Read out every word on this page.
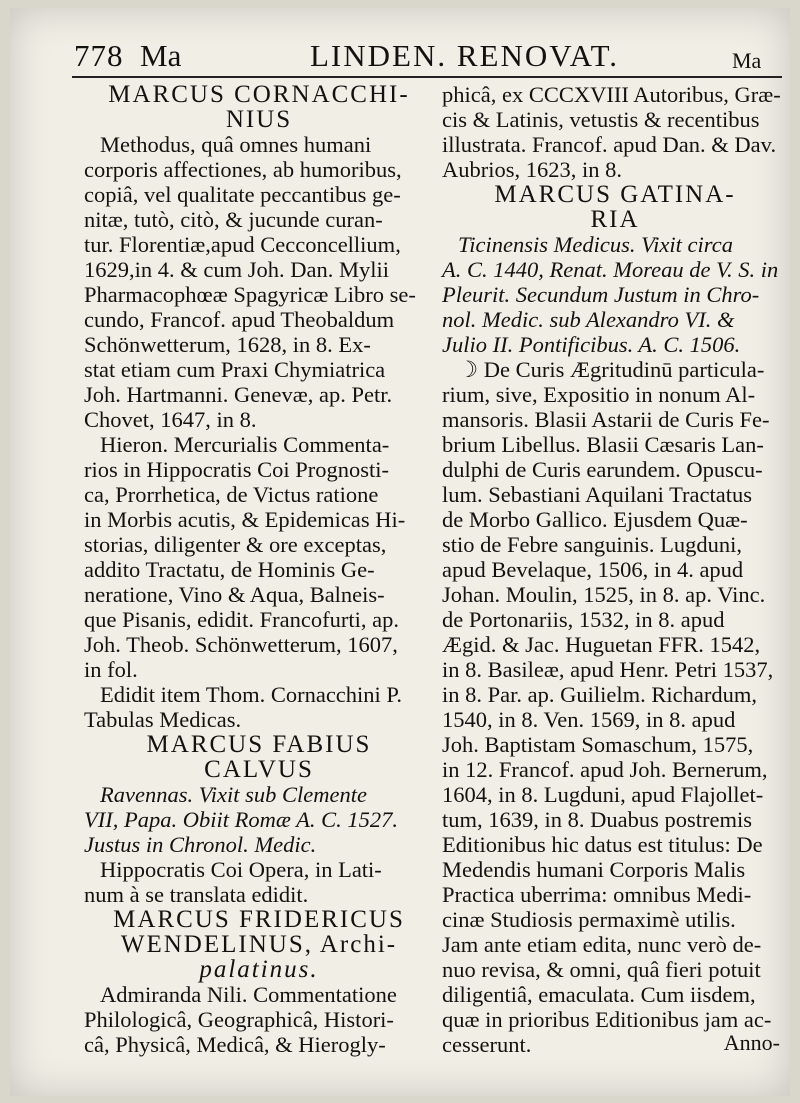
778 Ma	LINDEN. RENOVAT.	Ma
MARCUS CORNACCHI-
NIUS
Methodus, quâ omnes humani
corporis affectiones, ab humoribus,
copiâ, vel qualitate peccantibus ge-
nitæ, tutò, citò, & jucunde curan-
tur. Florentiæ,apud Cecconcellium,
1629,in 4. & cum Joh. Dan. Mylii
Pharmacophœæ Spagyricæ Libro se-
cundo, Francof. apud Theobaldum
Schönwetterum, 1628, in 8. Ex-
stat etiam cum Praxi Chymiatrica
Joh. Hartmanni. Genevæ, ap. Petr.
Chovet, 1647, in 8.
Hieron. Mercurialis Commenta-
rios in Hippocratis Coi Prognosti-
ca, Prorrhetica, de Victus ratione
in Morbis acutis, & Epidemicas Hi-
storias, diligenter & ore exceptas,
addito Tractatu, de Hominis Ge-
neratione, Vino & Aqua, Balneis-
que Pisanis, edidit. Francofurti, ap.
Joh. Theob. Schönwetterum, 1607,
in fol.
Edidit item Thom. Cornacchini P.
Tabulas Medicas.
MARCUS FABIUS
CALVUS
Ravennas. Vixit sub Clemente
VII, Papa. Obiit Romæ A. C. 1527.
Justus in Chronol. Medic.
Hippocratis Coi Opera, in Lati-
num à se translata edidit.
MARCUS FRIDERICUS
WENDELINUS, Archi-
palatinus.
Admiranda Nili. Commentatione
Philologicâ, Geographicâ, Histori-
câ, Physicâ, Medicâ, & Hierogly-
phicâ, ex CCCXVIII Autoribus, Græ-
cis & Latinis, vetustis & recentibus
illustrata. Francof. apud Dan. & Dav.
Aubrios, 1623, in 8.
MARCUS GATINA-
RIA
Ticinensis Medicus. Vixit circa
A. C. 1440, Renat. Moreau de V. S. in
Pleurit. Secundum Justum in Chro-
nol. Medic. sub Alexandro VI. &
Julio II. Pontificibus. A. C. 1506.
☽ De Curis Ægritudinū particula-
rium, sive, Expositio in nonum Al-
mansoris. Blasii Astarii de Curis Fe-
brium Libellus. Blasii Cæsaris Lan-
dulphi de Curis earundem. Opuscu-
lum. Sebastiani Aquilani Tractatus
de Morbo Gallico. Ejusdem Quæ-
stio de Febre sanguinis. Lugduni,
apud Bevelaque, 1506, in 4. apud
Johan. Moulin, 1525, in 8. ap. Vinc.
de Portonariis, 1532, in 8. apud
Ægid. & Jac. Huguetan FFR. 1542,
in 8. Basileæ, apud Henr. Petri 1537,
in 8. Par. ap. Guilielm. Richardum,
1540, in 8. Ven. 1569, in 8. apud
Joh. Baptistam Somaschum, 1575,
in 12. Francof. apud Joh. Bernerum,
1604, in 8. Lugduni, apud Flajollet-
tum, 1639, in 8. Duabus postremis
Editionibus hic datus est titulus: De
Medendis humani Corporis Malis
Practica uberrima: omnibus Medi-
cinæ Studiosis permaximè utilis.
Jam ante etiam edita, nunc verò de-
nuo revisa, & omni, quâ fieri potuit
diligentiâ, emaculata. Cum iisdem,
quæ in prioribus Editionibus jam ac-
cesserunt.	Anno-
